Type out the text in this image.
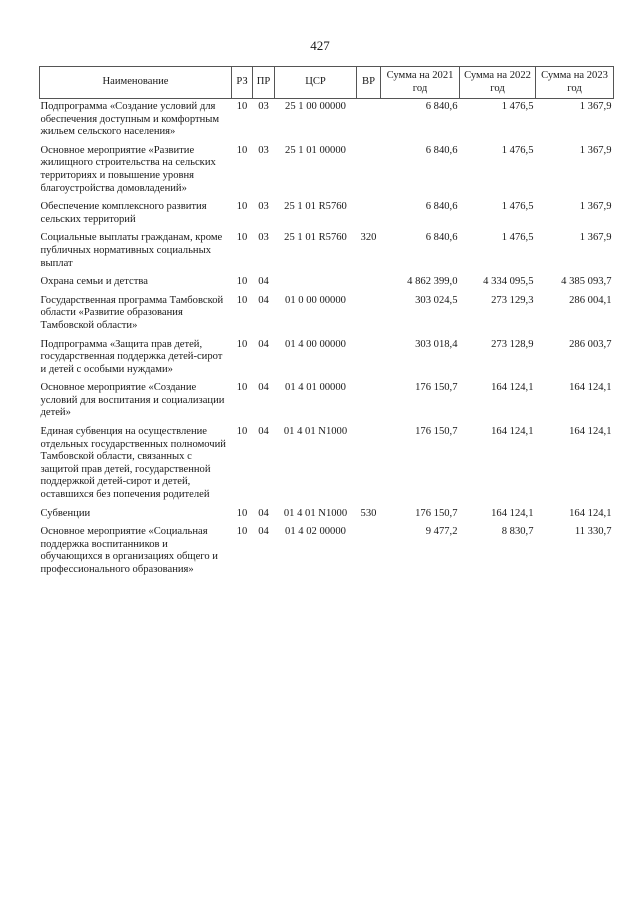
427
Наименование	РЗ	ПР	ЦСР	ВР	Сумма на 2021 год	Сумма на 2022 год	Сумма на 2023 год
Подпрограмма «Создание условий для обеспечения доступным и комфортным жильем сельского населения»	10	03	25 1 00 00000		6 840,6	1 476,5	1 367,9
Основное мероприятие «Развитие жилищного строительства на сельских территориях и повышение уровня благоустройства домовладений»	10	03	25 1 01 00000		6 840,6	1 476,5	1 367,9
Обеспечение комплексного развития сельских территорий	10	03	25 1 01 R5760		6 840,6	1 476,5	1 367,9
Социальные выплаты гражданам, кроме публичных нормативных социальных выплат	10	03	25 1 01 R5760	320	6 840,6	1 476,5	1 367,9
Охрана семьи и детства	10	04			4 862 399,0	4 334 095,5	4 385 093,7
Государственная программа Тамбовской области «Развитие образования Тамбовской области»	10	04	01 0 00 00000		303 024,5	273 129,3	286 004,1
Подпрограмма «Защита прав детей, государственная поддержка детей-сирот и детей с особыми нуждами»	10	04	01 4 00 00000		303 018,4	273 128,9	286 003,7
Основное мероприятие «Создание условий для воспитания и социализации детей»	10	04	01 4 01 00000		176 150,7	164 124,1	164 124,1
Единая субвенция на осуществление отдельных государственных полномочий Тамбовской области, связанных с защитой прав детей, государственной поддержкой детей-сирот и детей, оставшихся без попечения родителей	10	04	01 4 01 N1000		176 150,7	164 124,1	164 124,1
Субвенции	10	04	01 4 01 N1000	530	176 150,7	164 124,1	164 124,1
Основное мероприятие «Социальная поддержка воспитанников и обучающихся в организациях общего и профессионального образования»	10	04	01 4 02 00000		9 477,2	8 830,7	11 330,7
